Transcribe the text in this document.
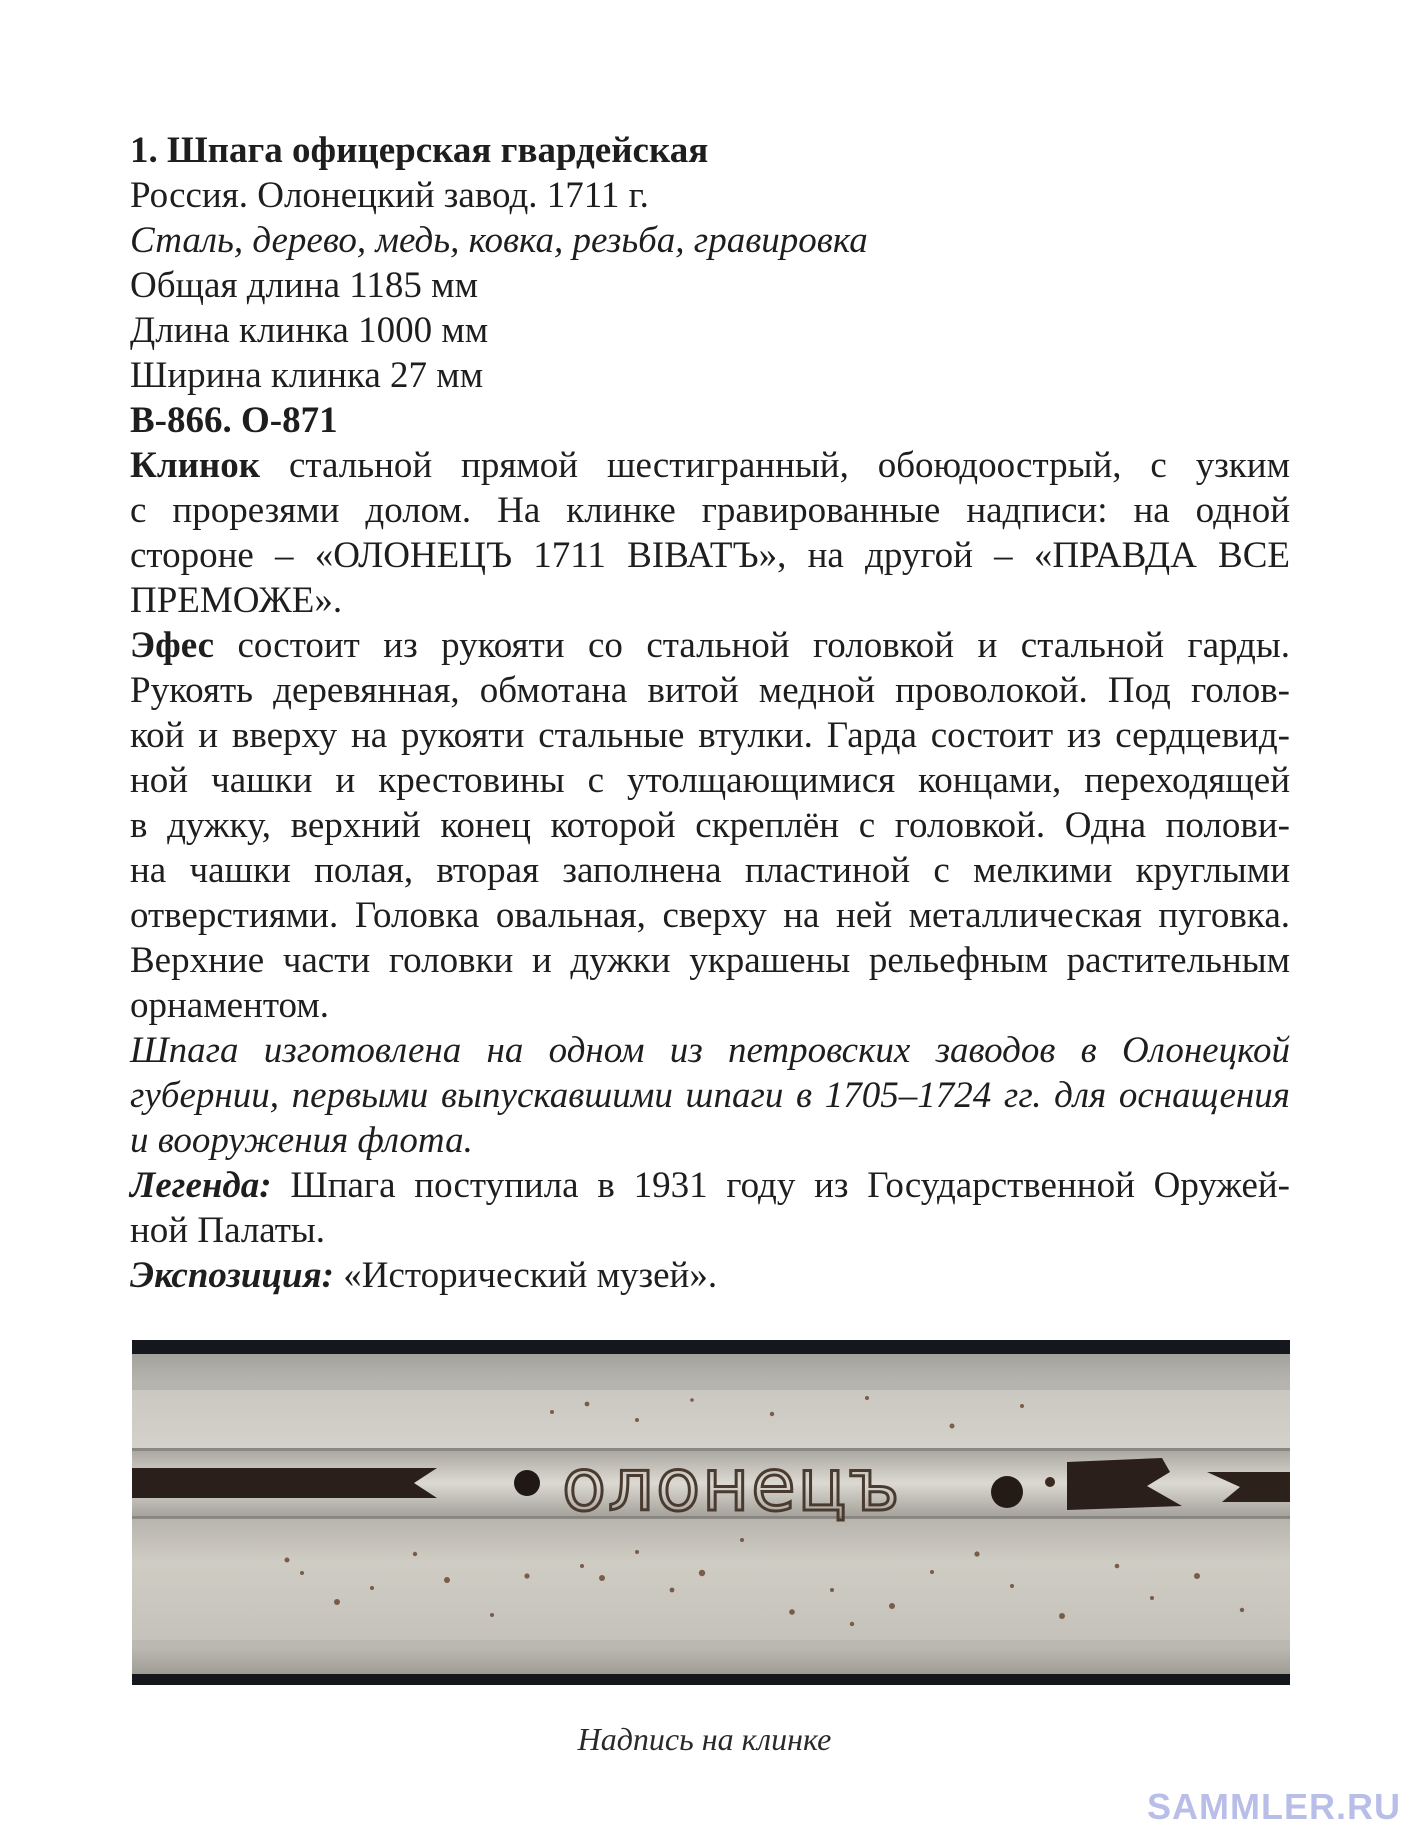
1. Шпага офицерская гвардейская
Россия. Олонецкий завод. 1711 г.
Сталь, дерево, медь, ковка, резьба, гравировка
Общая длина 1185 мм
Длина клинка 1000 мм
Ширина клинка 27 мм
В-866. О-871
Клинок стальной прямой шестигранный, обоюдоострый, с узким
с прорезями долом. На клинке гравированные надписи: на одной
стороне – «ОЛОНЕЦЪ 1711 ВІВАТЪ», на другой – «ПРАВДА ВСЕ
ПРЕМОЖЕ».
Эфес состоит из рукояти со стальной головкой и стальной гарды.
Рукоять деревянная, обмотана витой медной проволокой. Под голов-
кой и вверху на рукояти стальные втулки. Гарда состоит из сердцевид-
ной чашки и крестовины с утолщающимися концами, переходящей
в дужку, верхний конец которой скреплён с головкой. Одна полови-
на чашки полая, вторая заполнена пластиной с мелкими круглыми
отверстиями. Головка овальная, сверху на ней металлическая пуговка.
Верхние части головки и дужки украшены рельефным растительным
орнаментом.
Шпага изготовлена на одном из петровских заводов в Олонецкой
губернии, первыми выпускавшими шпаги в 1705–1724 гг. для оснащения
и вооружения флота.
Легенда: Шпага поступила в 1931 году из Государственной Оружей-
ной Палаты.
Экспозиция: «Исторический музей».
олонецъ
Надпись на клинке
SAMMLER.RU
